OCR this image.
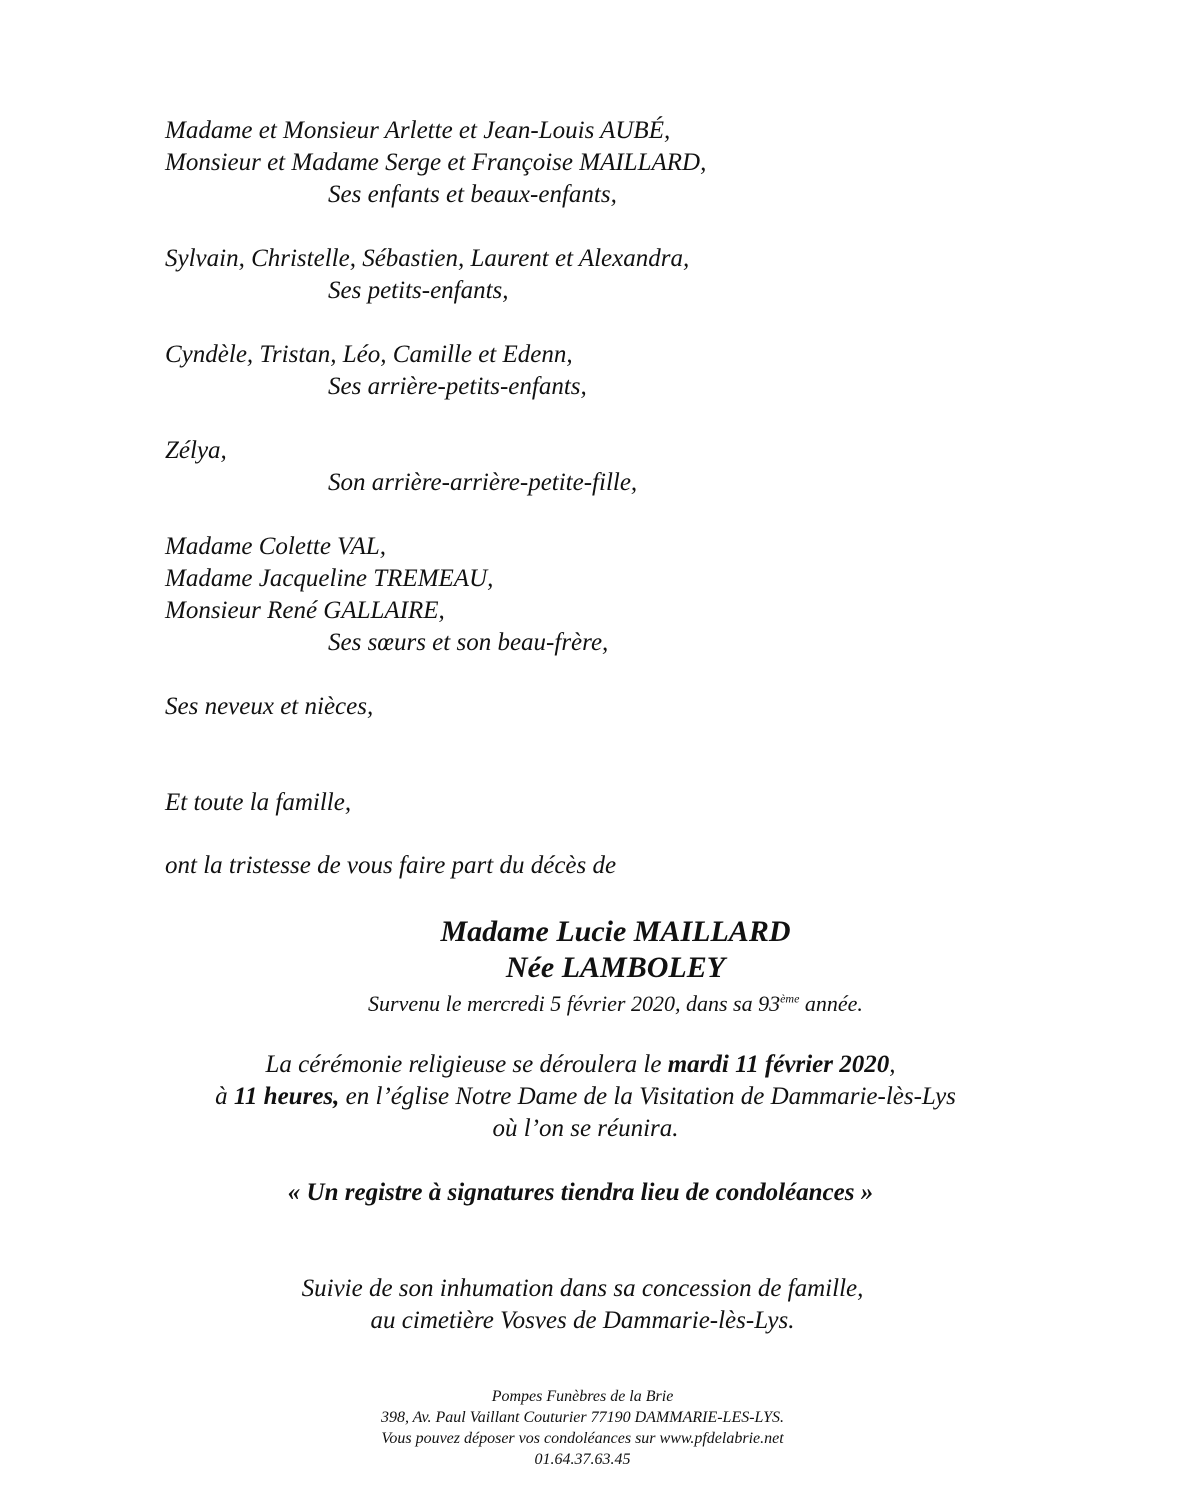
Madame et Monsieur Arlette et Jean-Louis AUBÉ,
Monsieur et Madame Serge et Françoise MAILLARD,
Ses enfants et beaux-enfants,
Sylvain, Christelle, Sébastien, Laurent et Alexandra,
Ses petits-enfants,
Cyndèle, Tristan, Léo, Camille et Edenn,
Ses arrière-petits-enfants,
Zélya,
Son arrière-arrière-petite-fille,
Madame Colette VAL,
Madame Jacqueline TREMEAU,
Monsieur René GALLAIRE,
Ses sœurs et son beau-frère,
Ses neveux et nièces,
Et toute la famille,
ont la tristesse de vous faire part du décès de
Madame Lucie MAILLARD
Née LAMBOLEY
Survenu le mercredi 5 février 2020, dans sa 93ème année.
La cérémonie religieuse se déroulera le mardi 11 février 2020,
à 11 heures, en l’église Notre Dame de la Visitation de Dammarie-lès-Lys
où l’on se réunira.
« Un registre à signatures tiendra lieu de condoléances »
Suivie de son inhumation dans sa concession de famille,
au cimetière Vosves de Dammarie-lès-Lys.
Pompes Funèbres de la Brie
398, Av. Paul Vaillant Couturier 77190 DAMMARIE-LES-LYS.
Vous pouvez déposer vos condoléances sur www.pfdelabrie.net
01.64.37.63.45
